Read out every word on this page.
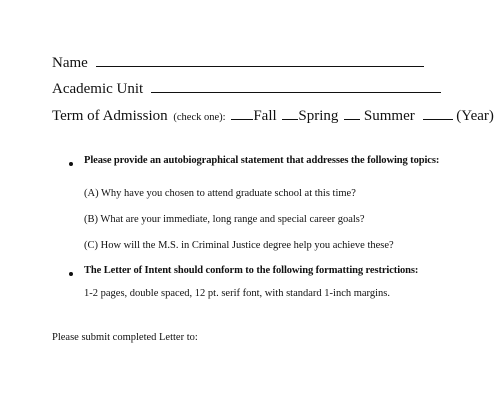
Name
Academic Unit
Term of Admission (check one): Fall Spring Summer	(Year)
Please provide an autobiographical statement that addresses the following topics:
(A) Why have you chosen to attend graduate school at this time?
(B) What are your immediate, long range and special career goals?
(C) How will the M.S. in Criminal Justice degree help you achieve these?
The Letter of Intent should conform to the following formatting restrictions:
1-2 pages, double spaced, 12 pt. serif font, with standard 1-inch margins.
Please submit completed Letter to:
